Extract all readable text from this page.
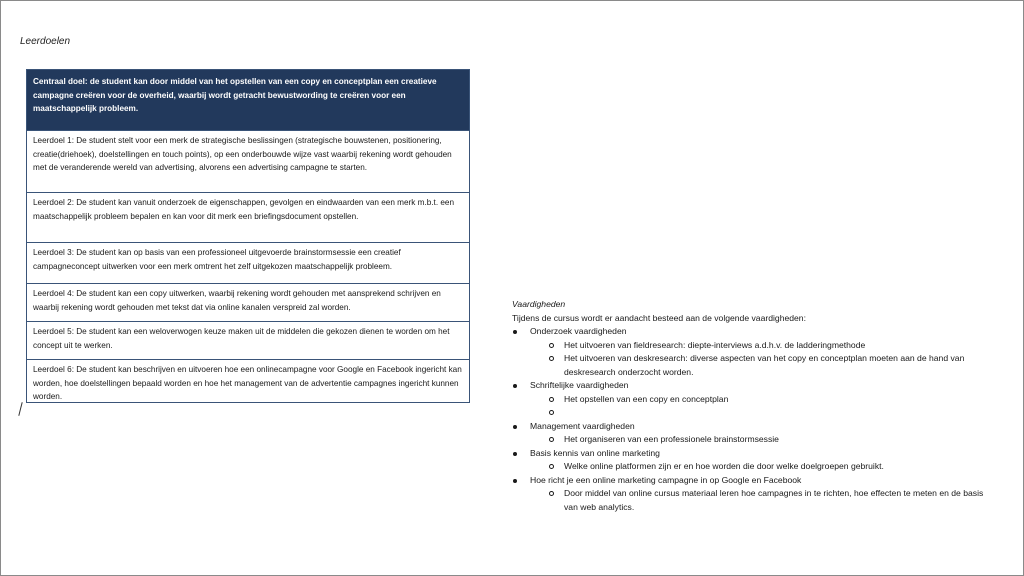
Leerdoelen
Centraal doel: de student kan door middel van het opstellen van een copy en conceptplan een creatieve campagne creëren voor de overheid, waarbij wordt getracht bewustwording te creëren voor een maatschappelijk probleem.
Leerdoel 1: De student stelt voor een merk de strategische beslissingen (strategische bouwstenen, positionering, creatie(driehoek), doelstellingen en touch points), op een onderbouwde wijze vast waarbij rekening wordt gehouden met de veranderende wereld van advertising, alvorens een advertising campagne te starten.
Leerdoel 2: De student kan vanuit onderzoek de eigenschappen, gevolgen en eindwaarden van een merk m.b.t. een maatschappelijk probleem bepalen en kan voor dit merk een briefingsdocument opstellen.
Leerdoel 3: De student kan op basis van een professioneel uitgevoerde brainstormsessie een creatief campagneconcept uitwerken voor een merk omtrent het zelf uitgekozen maatschappelijk probleem.
Leerdoel 4: De student kan een copy uitwerken, waarbij rekening wordt gehouden met aansprekend schrijven en waarbij rekening wordt gehouden met tekst dat via online kanalen verspreid zal worden.
Leerdoel 5: De student kan een weloverwogen keuze maken uit de middelen die gekozen dienen te worden om het concept uit te werken.
Leerdoel 6: De student kan beschrijven en uitvoeren hoe een onlinecampagne voor Google en Facebook ingericht kan worden, hoe doelstellingen bepaald worden en hoe het management van de advertentie campagnes ingericht kunnen worden.
Vaardigheden
Tijdens de cursus wordt er aandacht besteed aan de volgende vaardigheden:
Onderzoek vaardigheden
Het uitvoeren van fieldresearch: diepte-interviews a.d.h.v. de ladderingmethode
Het uitvoeren van deskresearch: diverse aspecten van het copy en conceptplan moeten aan de hand van deskresearch onderzocht worden.
Schriftelijke vaardigheden
Het opstellen van een copy en conceptplan
Management vaardigheden
Het organiseren van een professionele brainstormsessie
Basis kennis van online marketing
Welke online platformen zijn er en hoe worden die door welke doelgroepen gebruikt.
Hoe richt je een online marketing campagne in op Google en Facebook
Door middel van online cursus materiaal leren hoe campagnes in te richten, hoe effecten te meten en de basis van web analytics.
